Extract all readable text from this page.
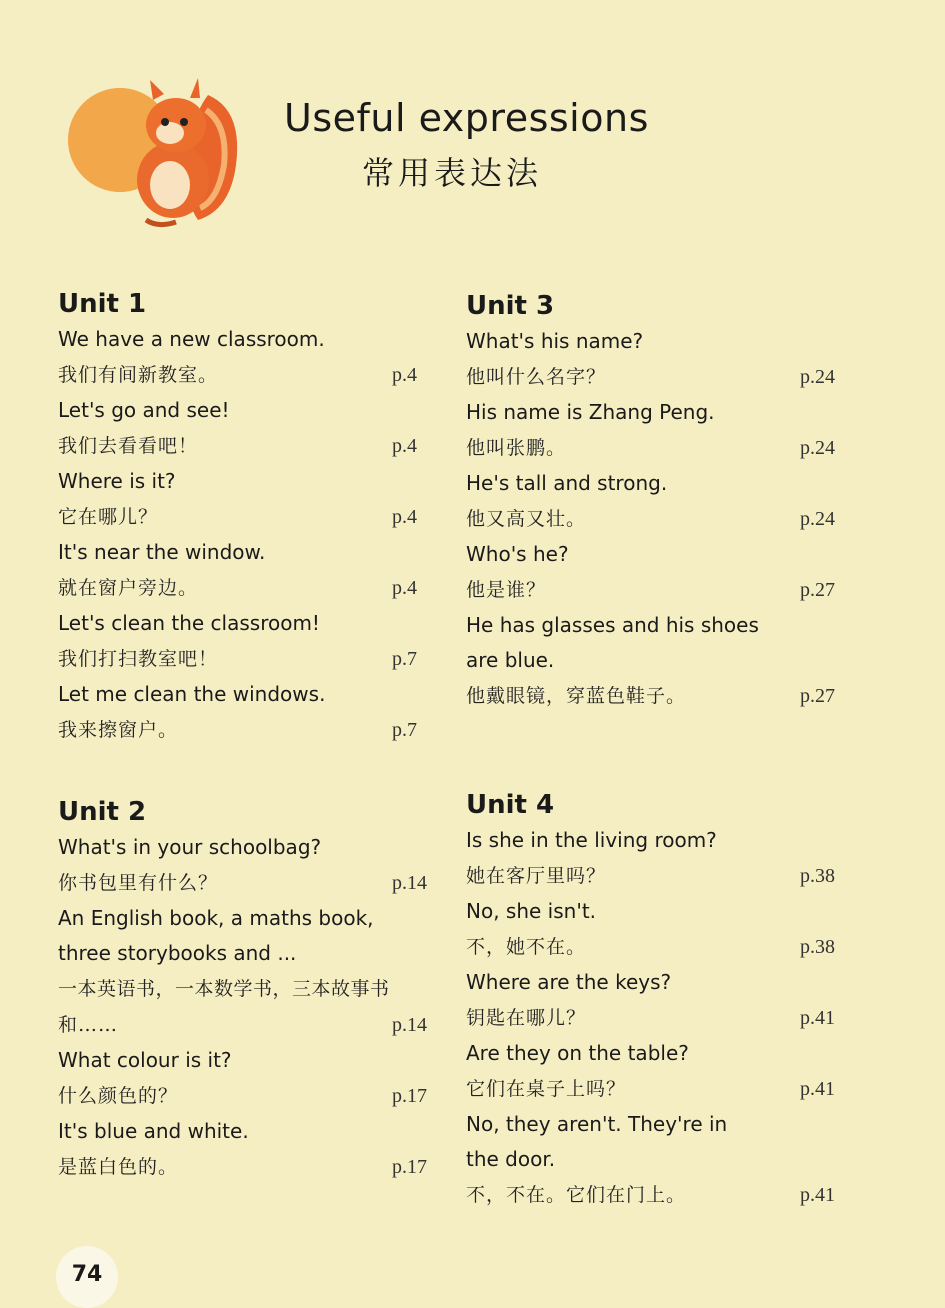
Useful expressions
常用表达法
Unit 1
We have a new classroom.
我们有间新教室。	p.4
Let's go and see!
我们去看看吧！	p.4
Where is it?
它在哪儿？	p.4
It's near the window.
就在窗户旁边。	p.4
Let's clean the classroom!
我们打扫教室吧！	p.7
Let me clean the windows.
我来擦窗户。	p.7
Unit 2
What's in your schoolbag?
你书包里有什么？	p.14
An English book, a maths book,
three storybooks and ...
一本英语书，一本数学书，三本故事书
和……	p.14
What colour is it?
什么颜色的？	p.17
It's blue and white.
是蓝白色的。	p.17
Unit 3
What's his name?
他叫什么名字？	p.24
His name is Zhang Peng.
他叫张鹏。	p.24
He's tall and strong.
他又高又壮。	p.24
Who's he?
他是谁？	p.27
He has glasses and his shoes
are blue.
他戴眼镜，穿蓝色鞋子。	p.27
Unit 4
Is she in the living room?
她在客厅里吗？	p.38
No, she isn't.
不，她不在。	p.38
Where are the keys?
钥匙在哪儿？	p.41
Are they on the table?
它们在桌子上吗？	p.41
No, they aren't. They're in
the door.
不，不在。它们在门上。	p.41
74
